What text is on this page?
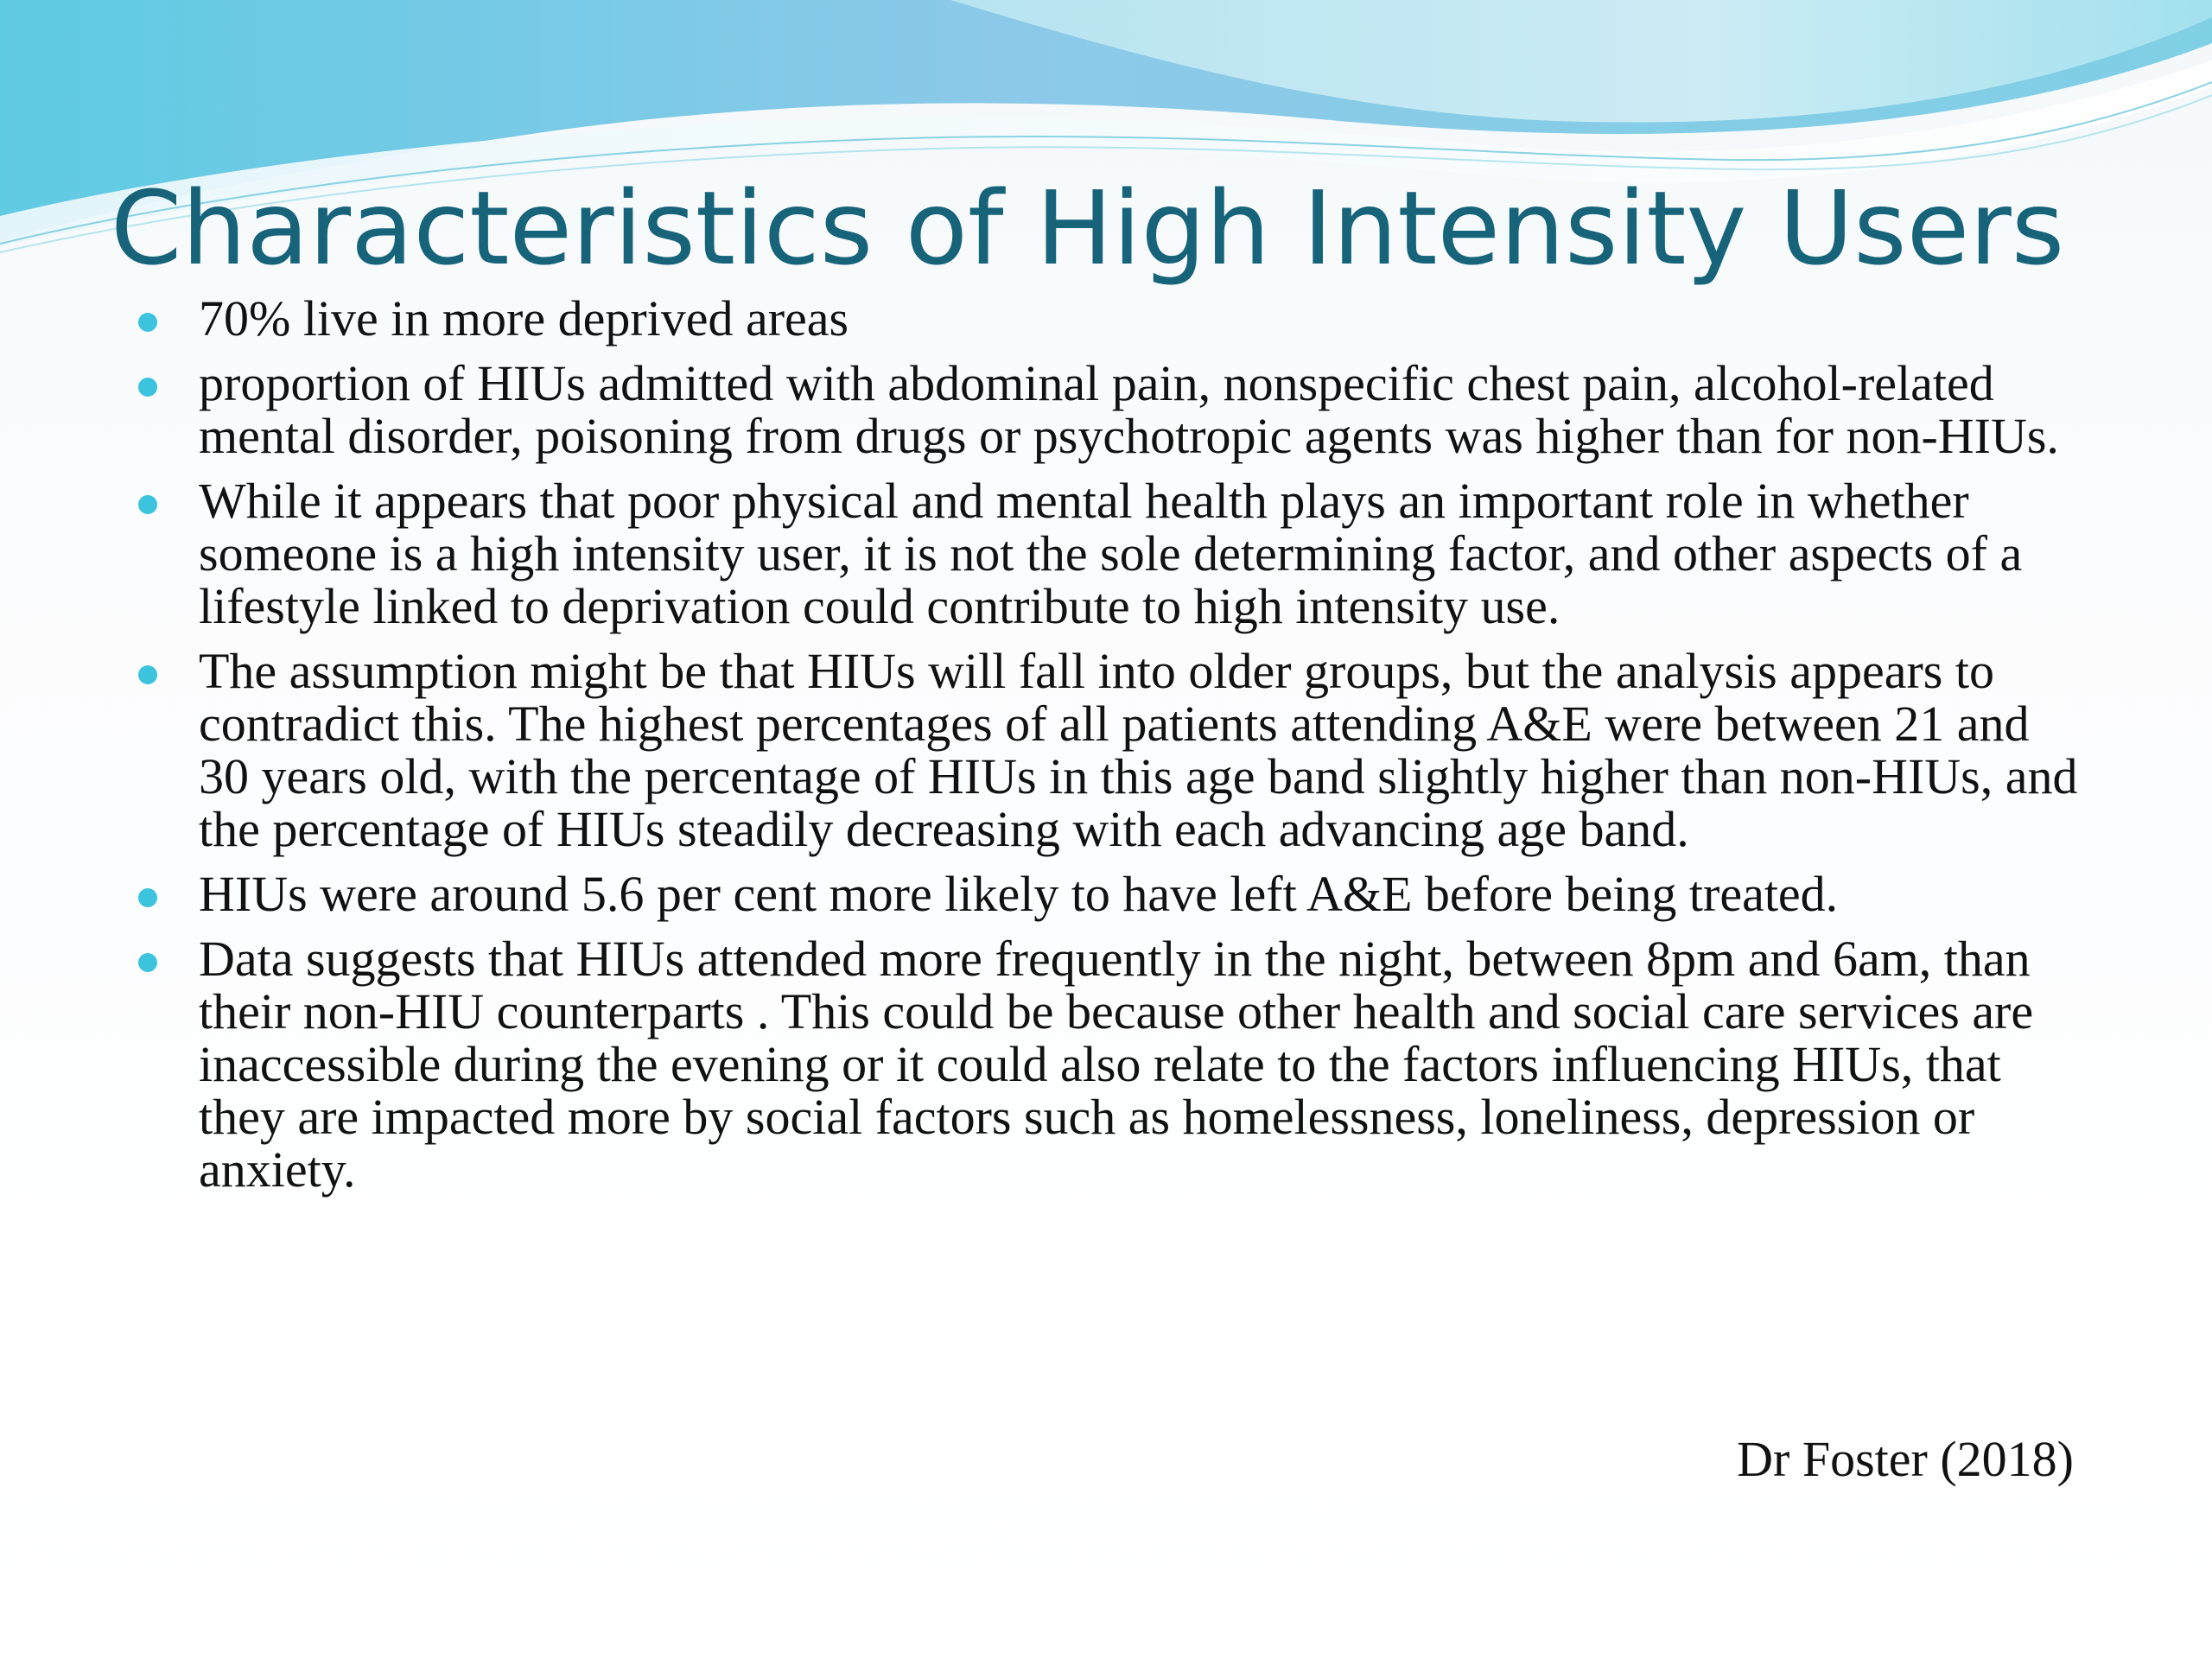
Characteristics of High Intensity Users
70% live in more deprived areas
proportion of HIUs admitted with abdominal pain, nonspecific chest pain, alcohol-related mental disorder, poisoning from drugs or psychotropic agents was higher than for non-HIUs.
While it appears that poor physical and mental health plays an important role in whether someone is a high intensity user, it is not the sole determining factor, and other aspects of a lifestyle linked to deprivation could contribute to high intensity use.
The assumption might be that HIUs will fall into older groups, but the analysis appears to contradict this. The highest percentages of all patients attending A&E were between 21 and 30 years old, with the percentage of HIUs in this age band slightly higher than non-HIUs, and the percentage of HIUs steadily decreasing with each advancing age band.
HIUs were around 5.6 per cent more likely to have left A&E before being treated.
Data suggests that HIUs attended more frequently in the night, between 8pm and 6am, than their non-HIU counterparts . This could be because other health and social care services are inaccessible during the evening or it could also relate to the factors influencing HIUs, that they are impacted more by social factors such as homelessness, loneliness, depression or anxiety.
Dr Foster (2018)
